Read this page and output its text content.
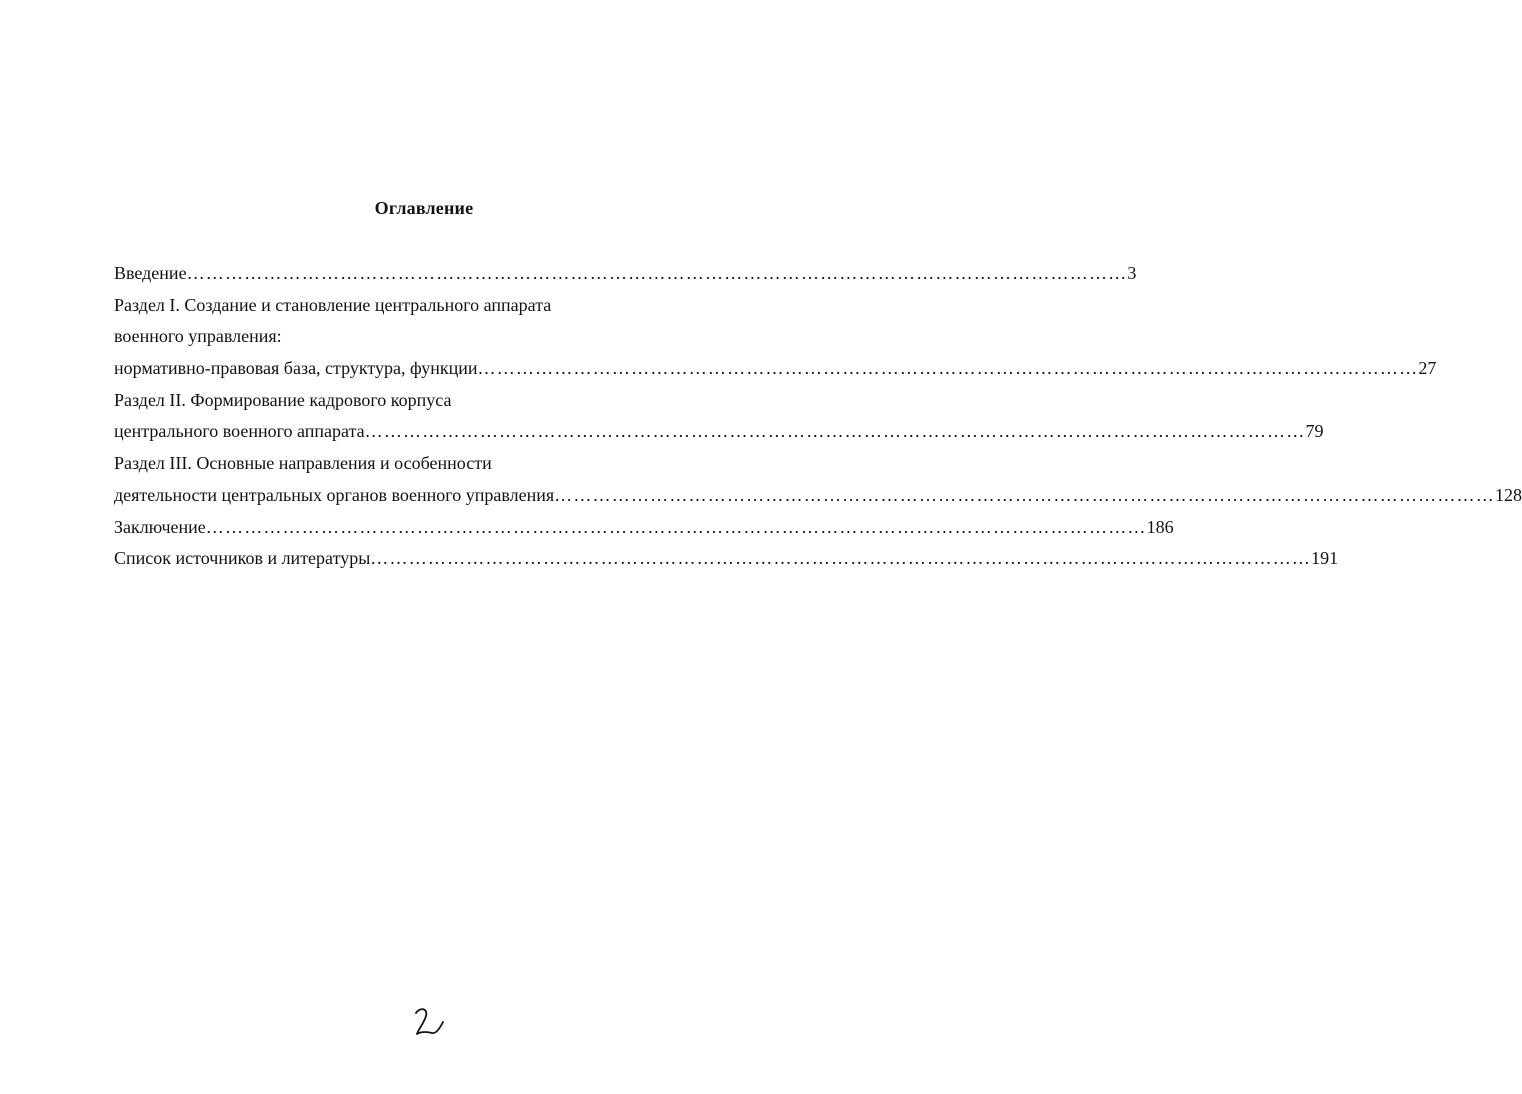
Оглавление
Введение ………………………………………………………………………………………………………………………………… 3
Раздел I. Создание и становление центрального аппарата
военного управления:
нормативно-правовая база, структура, функции ………………………………………………………………………………………………………………………………… 27
Раздел II. Формирование кадрового корпуса
центрального военного аппарата ………………………………………………………………………………………………………………………………… 79
Раздел III. Основные направления и особенности
деятельности центральных органов военного управления ………………………………………………………………………………………………………………………………… 128
Заключение ………………………………………………………………………………………………………………………………… 186
Список источников и литературы ………………………………………………………………………………………………………………………………… 191
